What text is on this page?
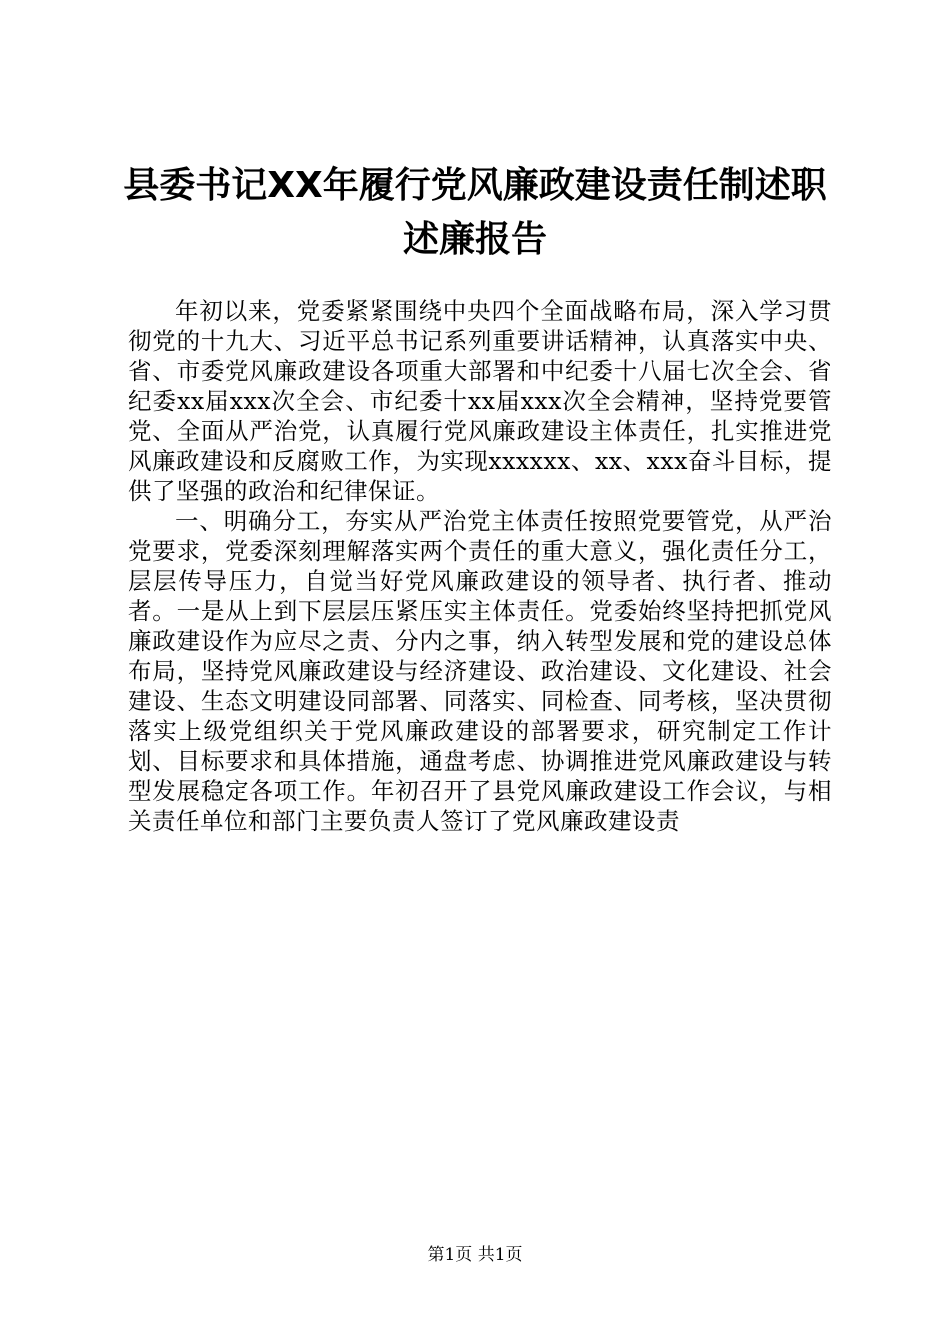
县委书记XX年履行党风廉政建设责任制述职
述廉报告

年初以来，党委紧紧围绕中央四个全面战略布局，深入学习贯彻党的十九大、习近平总书记系列重要讲话精神，认真落实中央、省、市委党风廉政建设各项重大部署和中纪委十八届七次全会、省纪委xx届xxx次全会、市纪委十xx届xxx次全会精神，坚持党要管党、全面从严治党，认真履行党风廉政建设主体责任，扎实推进党风廉政建设和反腐败工作，为实现xxxxxx、xx、xxx奋斗目标，提供了坚强的政治和纪律保证。

一、明确分工，夯实从严治党主体责任按照党要管党，从严治党要求，党委深刻理解落实两个责任的重大意义，强化责任分工，层层传导压力，自觉当好党风廉政建设的领导者、执行者、推动者。一是从上到下层层压紧压实主体责任。党委始终坚持把抓党风廉政建设作为应尽之责、分内之事，纳入转型发展和党的建设总体布局，坚持党风廉政建设与经济建设、政治建设、文化建设、社会建设、生态文明建设同部署、同落实、同检查、同考核，坚决贯彻落实上级党组织关于党风廉政建设的部署要求，研究制定工作计划、目标要求和具体措施，通盘考虑、协调推进党风廉政建设与转型发展稳定各项工作。年初召开了县党风廉政建设工作会议，与相关责任单位和部门主要负责人签订了党风廉政建设责

第1页 共1页
